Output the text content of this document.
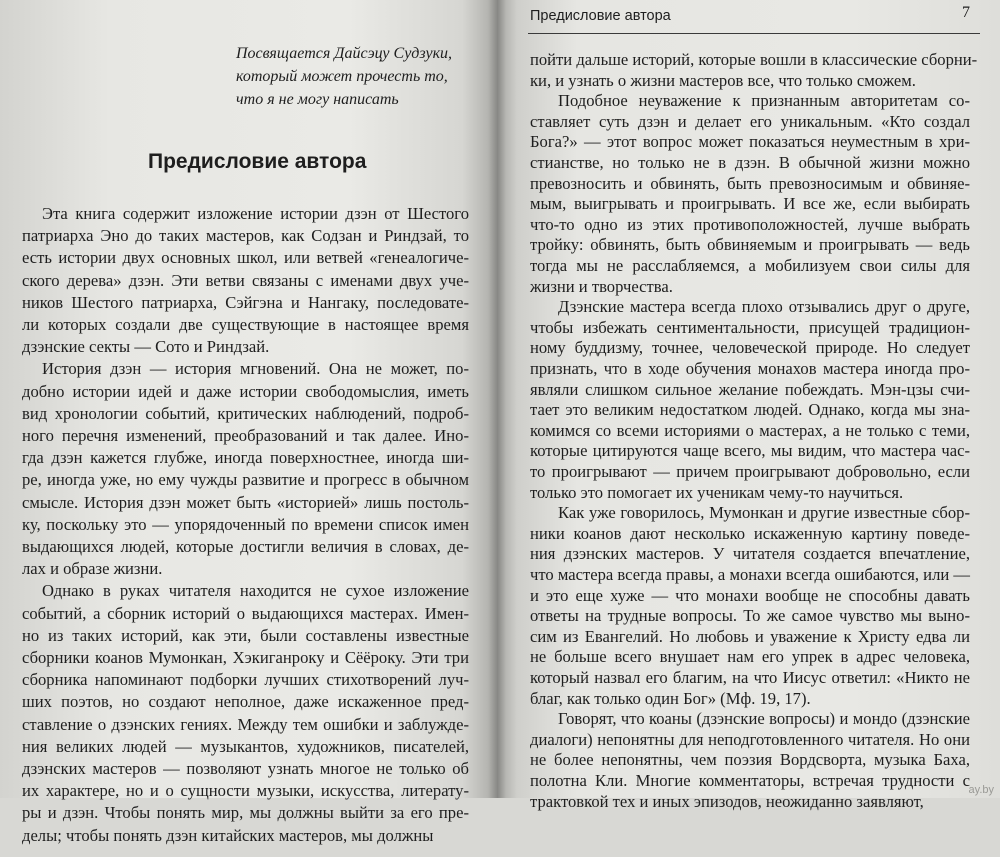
Посвящается Дайсэцу Судзуки,
который может прочесть то,
что я не могу написать
Предисловие автора
Эта книга содержит изложение истории дзэн от Шестого
патриарха Эно до таких мастеров, как Содзан и Риндзай, то
есть истории двух основных школ, или ветвей «генеалогиче-
ского дерева» дзэн. Эти ветви связаны с именами двух уче-
ников Шестого патриарха, Сэйгэна и Нангаку, последовате-
ли которых создали две существующие в настоящее время
дзэнские секты — Сото и Риндзай.
История дзэн — история мгновений. Она не может, по-
добно истории идей и даже истории свободомыслия, иметь
вид хронологии событий, критических наблюдений, подроб-
ного перечня изменений, преобразований и так далее. Ино-
гда дзэн кажется глубже, иногда поверхностнее, иногда ши-
ре, иногда уже, но ему чужды развитие и прогресс в обычном
смысле. История дзэн может быть «историей» лишь постоль-
ку, поскольку это — упорядоченный по времени список имен
выдающихся людей, которые достигли величия в словах, де-
лах и образе жизни.
Однако в руках читателя находится не сухое изложение
событий, а сборник историй о выдающихся мастерах. Имен-
но из таких историй, как эти, были составлены известные
сборники коанов Мумонкан, Хэкиганроку и Сёёроку. Эти три
сборника напоминают подборки лучших стихотворений луч-
ших поэтов, но создают неполное, даже искаженное пред-
ставление о дзэнских гениях. Между тем ошибки и заблужде-
ния великих людей — музыкантов, художников, писателей,
дзэнских мастеров — позволяют узнать многое не только об
их характере, но и о сущности музыки, искусства, литерату-
ры и дзэн. Чтобы понять мир, мы должны выйти за его пре-
делы; чтобы понять дзэн китайских мастеров, мы должны
Предисловие автора	7
пойти дальше историй, которые вошли в классические сборни-
ки, и узнать о жизни мастеров все, что только сможем.
Подобное неуважение к признанным авторитетам со-
ставляет суть дзэн и делает его уникальным. «Кто создал
Бога?» — этот вопрос может показаться неуместным в хри-
стианстве, но только не в дзэн. В обычной жизни можно
превозносить и обвинять, быть превозносимым и обвиняе-
мым, выигрывать и проигрывать. И все же, если выбирать
что-то одно из этих противоположностей, лучше выбрать
тройку: обвинять, быть обвиняемым и проигрывать — ведь
тогда мы не расслабляемся, а мобилизуем свои силы для
жизни и творчества.
Дзэнские мастера всегда плохо отзывались друг о друге,
чтобы избежать сентиментальности, присущей традицион-
ному буддизму, точнее, человеческой природе. Но следует
признать, что в ходе обучения монахов мастера иногда про-
являли слишком сильное желание побеждать. Мэн-цзы счи-
тает это великим недостатком людей. Однако, когда мы зна-
комимся со всеми историями о мастерах, а не только с теми,
которые цитируются чаще всего, мы видим, что мастера час-
то проигрывают — причем проигрывают добровольно, если
только это помогает их ученикам чему-то научиться.
Как уже говорилось, Мумонкан и другие известные сбор-
ники коанов дают несколько искаженную картину поведе-
ния дзэнских мастеров. У читателя создается впечатление,
что мастера всегда правы, а монахи всегда ошибаются, или —
и это еще хуже — что монахи вообще не способны давать
ответы на трудные вопросы. То же самое чувство мы выно-
сим из Евангелий. Но любовь и уважение к Христу едва ли
не больше всего внушает нам его упрек в адрес человека,
который назвал его благим, на что Иисус ответил: «Никто не
благ, как только один Бог» (Мф. 19, 17).
Говорят, что коаны (дзэнские вопросы) и мондо (дзэнские
диалоги) непонятны для неподготовленного читателя. Но они
не более непонятны, чем поэзия Вордсворта, музыка Баха,
полотна Кли. Многие комментаторы, встречая трудности с
трактовкой тех и иных эпизодов, неожиданно заявляют,
ay.by
